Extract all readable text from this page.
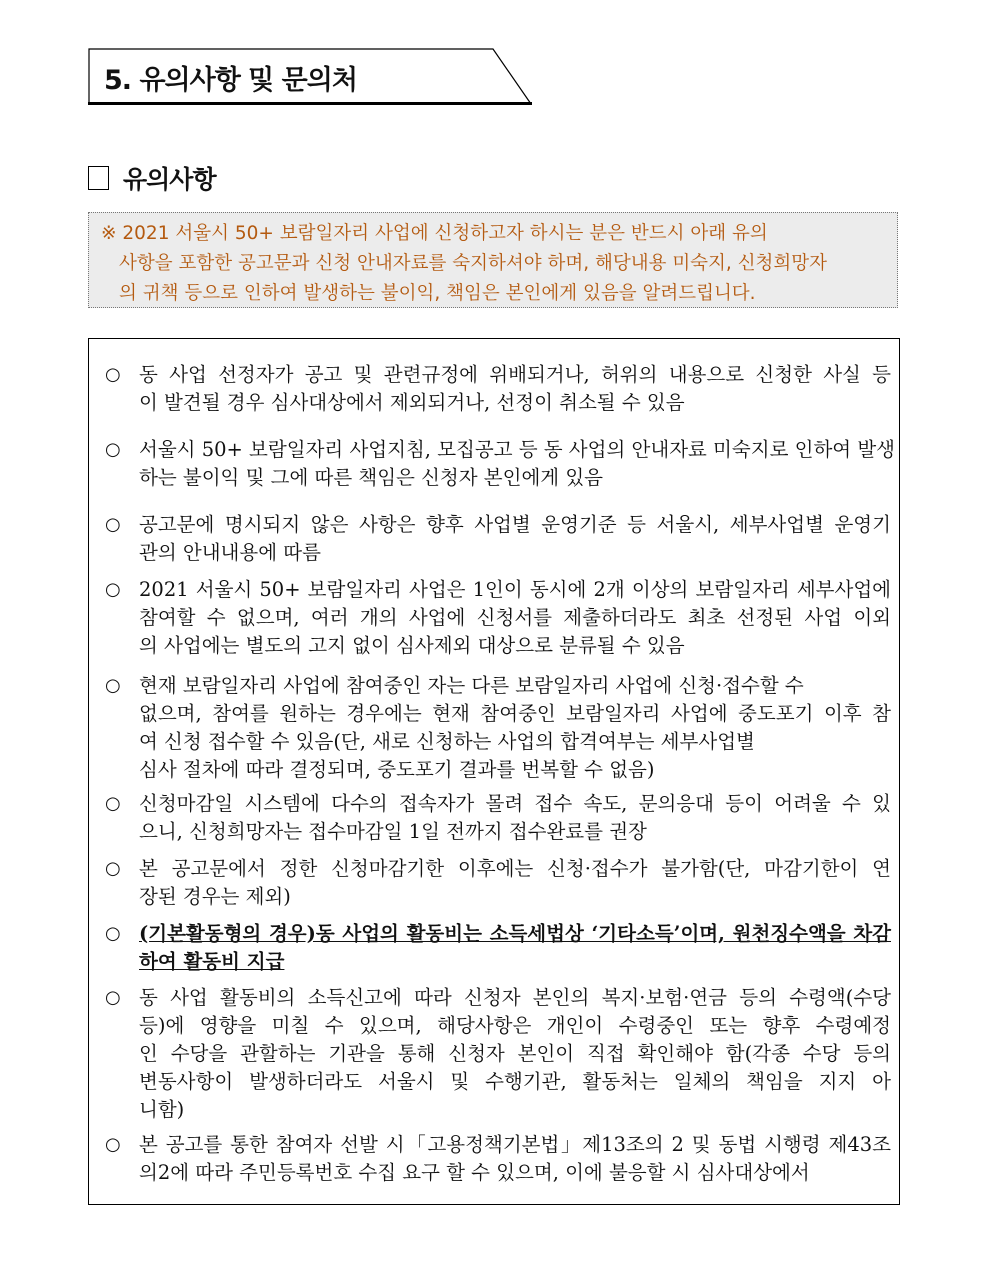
5. 유의사항 및 문의처
유의사항
※ 2021 서울시 50+ 보람일자리 사업에 신청하고자 하시는 분은 반드시 아래 유의
사항을 포함한 공고문과 신청 안내자료를 숙지하셔야 하며, 해당내용 미숙지, 신청희망자
의 귀책 등으로 인하여 발생하는 불이익, 책임은 본인에게 있음을 알려드립니다.
○ 동 사업 선정자가 공고 및 관련규정에 위배되거나, 허위의 내용으로 신청한 사실 등
이 발견될 경우 심사대상에서 제외되거나, 선정이 취소될 수 있음
○ 서울시 50+ 보람일자리 사업지침, 모집공고 등 동 사업의 안내자료 미숙지로 인하여 발생
하는 불이익 및 그에 따른 책임은 신청자 본인에게 있음
○ 공고문에 명시되지 않은 사항은 향후 사업별 운영기준 등 서울시, 세부사업별 운영기
관의 안내내용에 따름
○ 2021 서울시 50+ 보람일자리 사업은 1인이 동시에 2개 이상의 보람일자리 세부사업에
참여할 수 없으며, 여러 개의 사업에 신청서를 제출하더라도 최초 선정된 사업 이외
의 사업에는 별도의 고지 없이 심사제외 대상으로 분류될 수 있음
○ 현재 보람일자리 사업에 참여중인 자는 다른 보람일자리 사업에 신청·접수할 수
없으며, 참여를 원하는 경우에는 현재 참여중인 보람일자리 사업에 중도포기 이후 참
여 신청 접수할 수 있음(단, 새로 신청하는 사업의 합격여부는 세부사업별
심사 절차에 따라 결정되며, 중도포기 결과를 번복할 수 없음)
○ 신청마감일 시스템에 다수의 접속자가 몰려 접수 속도, 문의응대 등이 어려울 수 있
으니, 신청희망자는 접수마감일 1일 전까지 접수완료를 권장
○ 본 공고문에서 정한 신청마감기한 이후에는 신청·접수가 불가함(단, 마감기한이 연
장된 경우는 제외)
○ (기본활동형의 경우)동 사업의 활동비는 소득세법상 ‘기타소득’이며, 원천징수액을 차감
하여 활동비 지급
○ 동 사업 활동비의 소득신고에 따라 신청자 본인의 복지·보험·연금 등의 수령액(수당
등)에 영향을 미칠 수 있으며, 해당사항은 개인이 수령중인 또는 향후 수령예정
인 수당을 관할하는 기관을 통해 신청자 본인이 직접 확인해야 함(각종 수당 등의
변동사항이 발생하더라도 서울시 및 수행기관, 활동처는 일체의 책임을 지지 아
니함)
○ 본 공고를 통한 참여자 선발 시「고용정책기본법」제13조의 2 및 동법 시행령 제43조
의2에 따라 주민등록번호 수집 요구 할 수 있으며, 이에 불응할 시 심사대상에서
